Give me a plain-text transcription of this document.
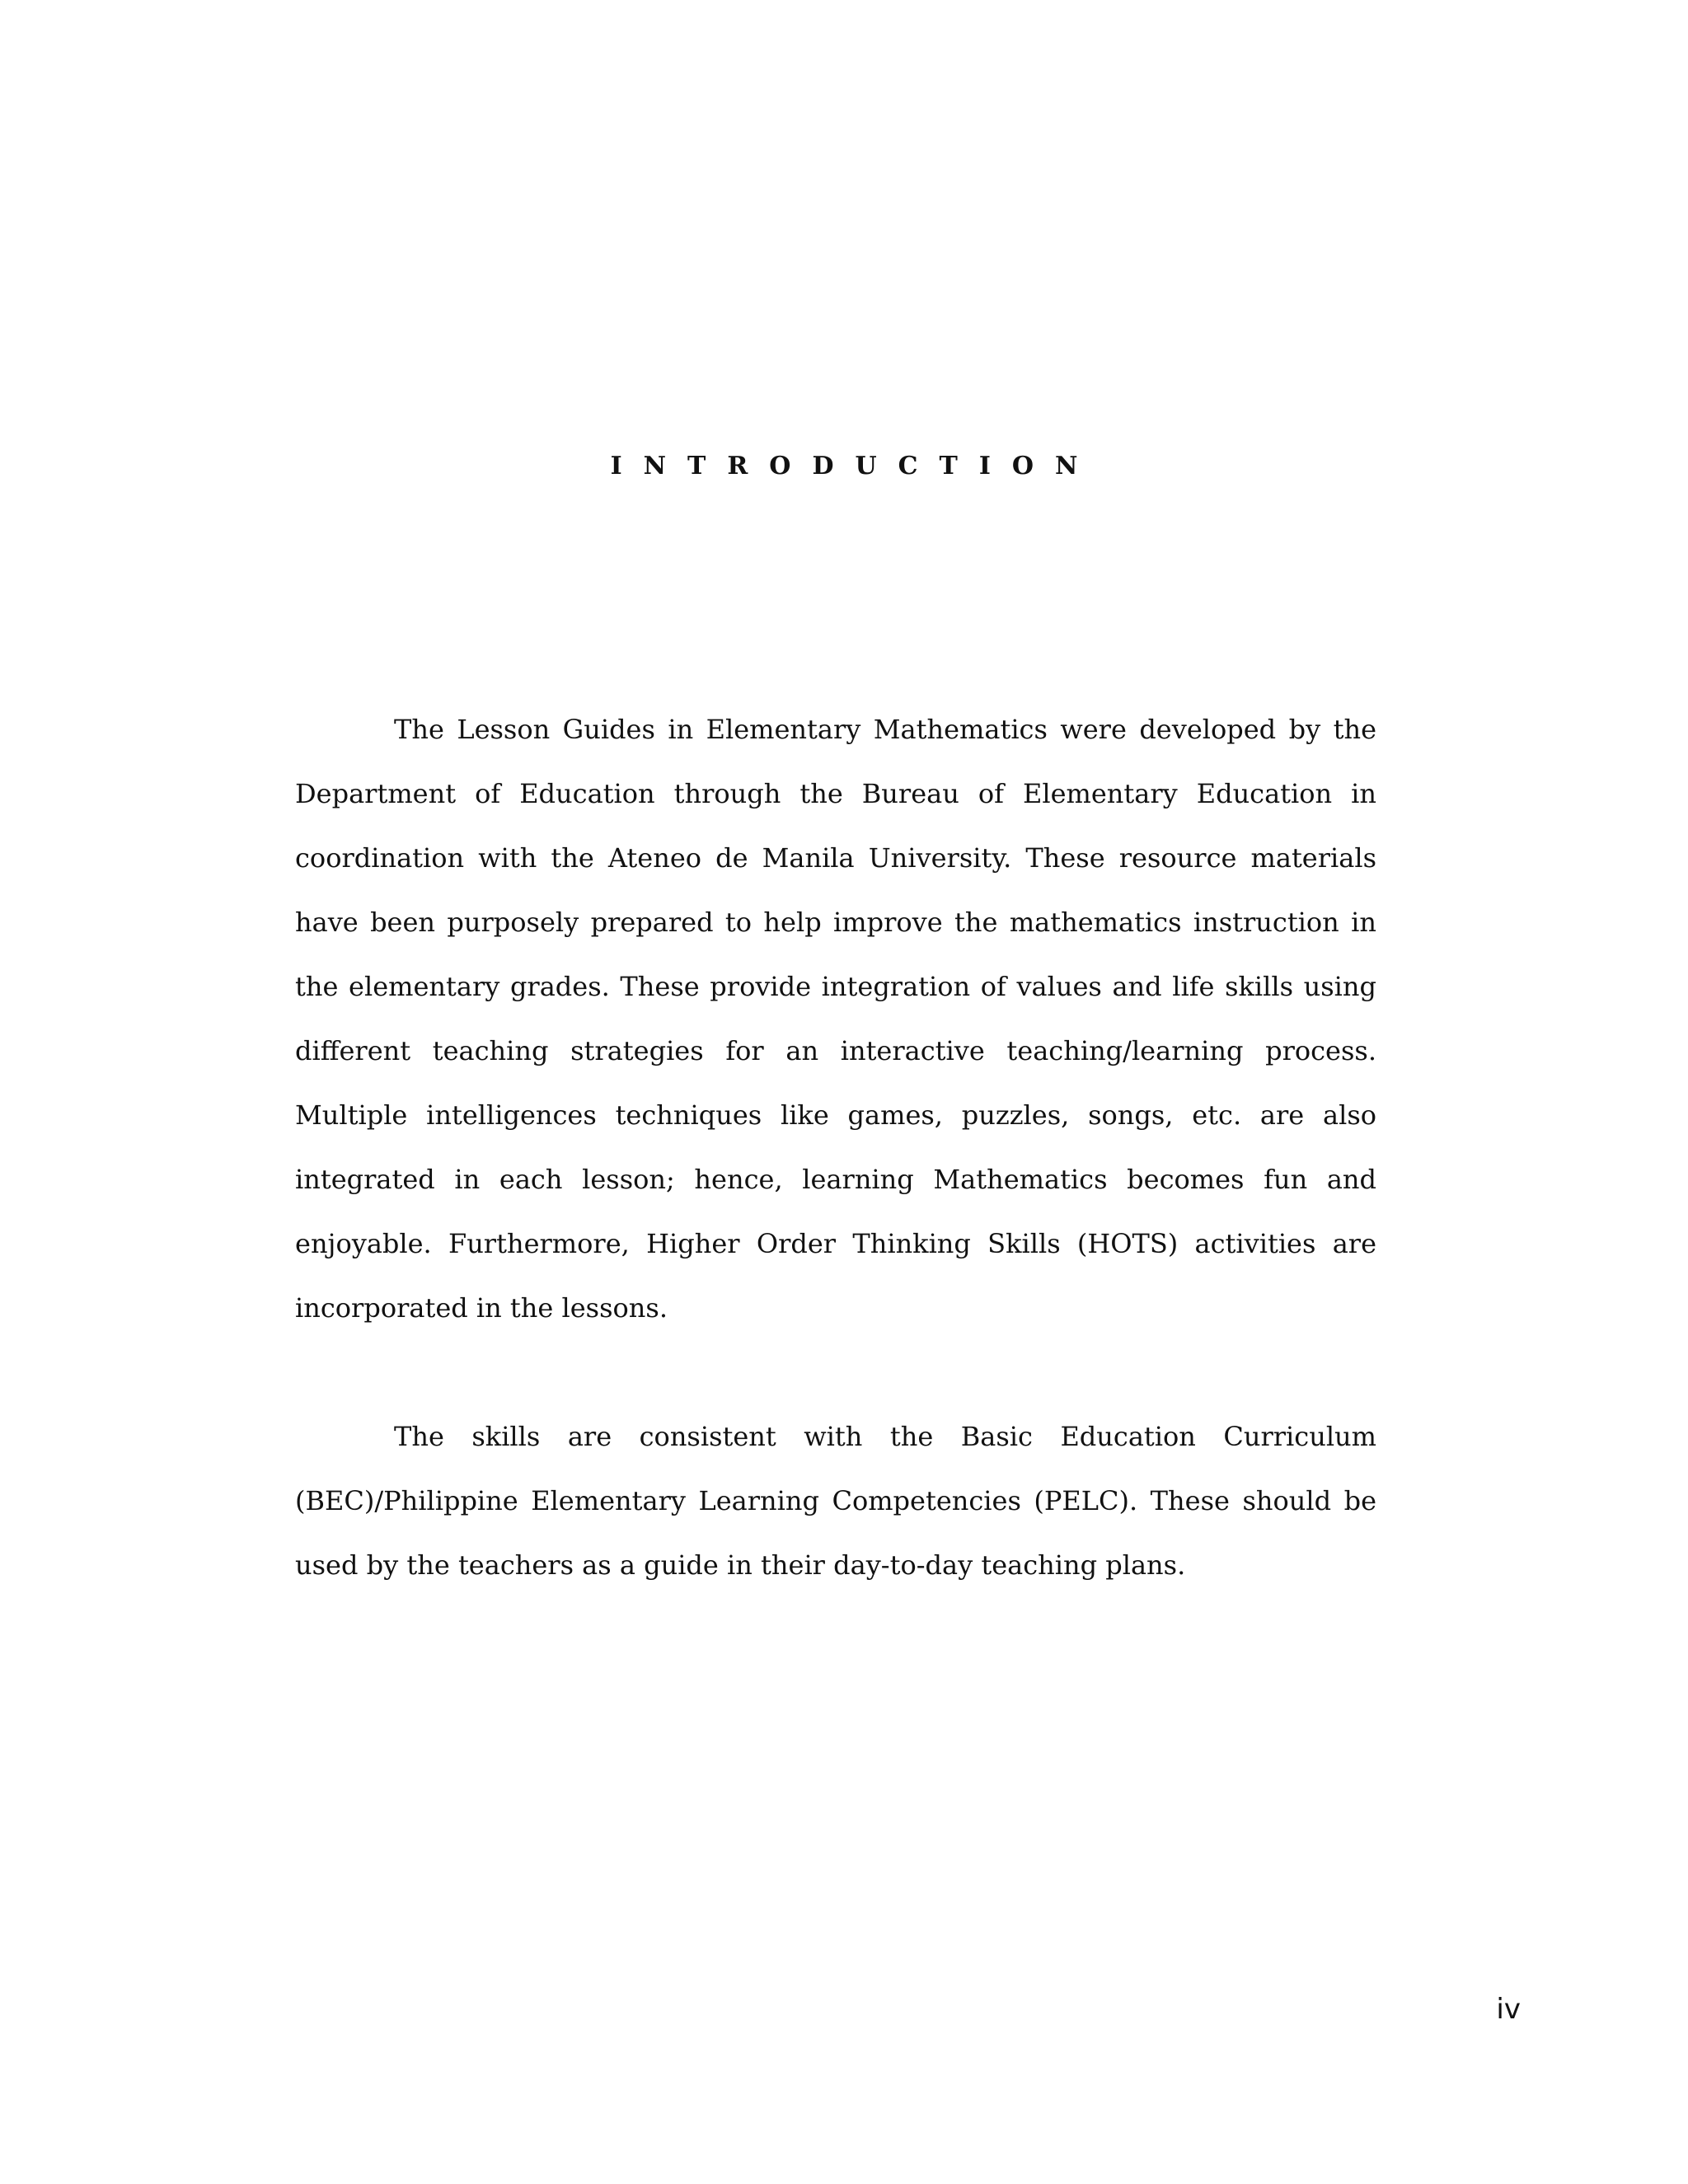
INTRODUCTION

The Lesson Guides in Elementary Mathematics were developed by the Department of Education through the Bureau of Elementary Education in coordination with the Ateneo de Manila University. These resource materials have been purposely prepared to help improve the mathematics instruction in the elementary grades. These provide integration of values and life skills using different teaching strategies for an interactive teaching/learning process. Multiple intelligences techniques like games, puzzles, songs, etc. are also integrated in each lesson; hence, learning Mathematics becomes fun and enjoyable. Furthermore, Higher Order Thinking Skills (HOTS) activities are incorporated in the lessons.

The skills are consistent with the Basic Education Curriculum (BEC)/Philippine Elementary Learning Competencies (PELC). These should be used by the teachers as a guide in their day-to-day teaching plans.

iv
